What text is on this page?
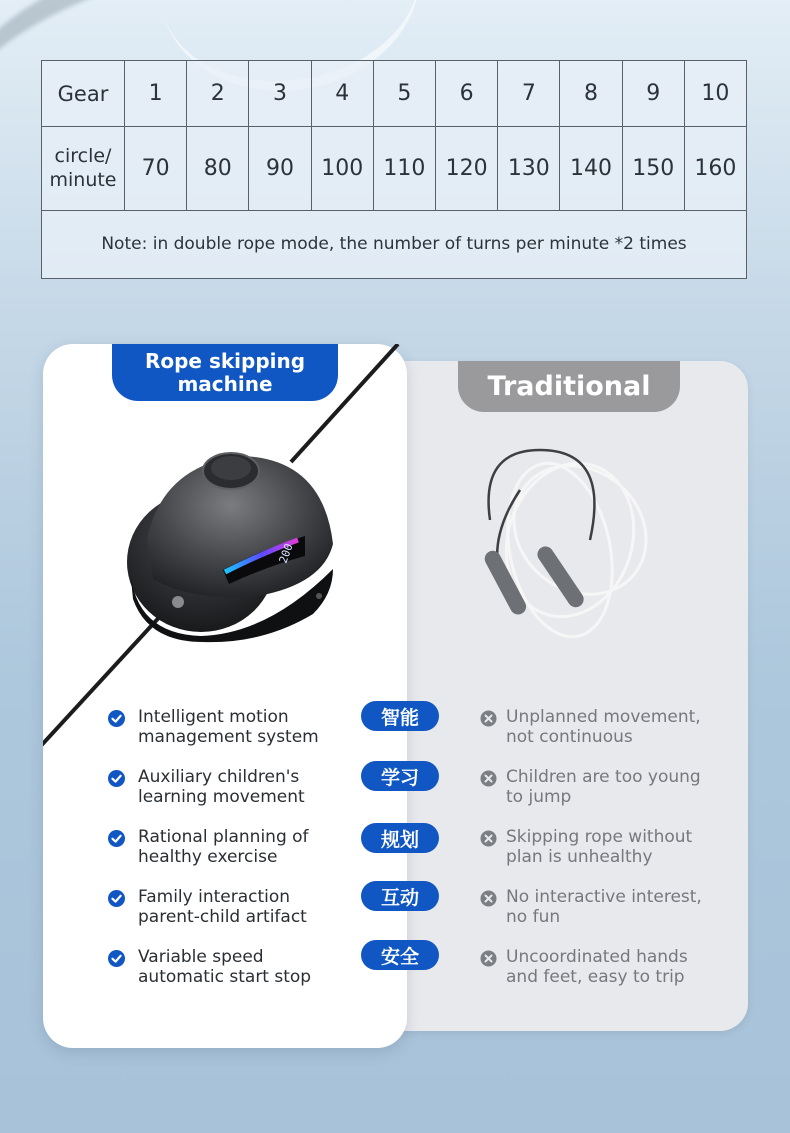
Gear	1	2	3	4	5	6	7	8	9	10
circle/
minute	70	80	90	100 110 120 130 140 150 160
Note: in double rope mode, the number of turns per minute *2 times
Rope skipping
machine	Traditional
200
Intelligent motion
management system
Auxiliary children's
learning movement
Rational planning of
healthy exercise
Family interaction
parent-child artifact
Variable speed
automatic start stop
智能
学习
规划
互动
安全
Unplanned movement,
not continuous
Children are too young
to jump
Skipping rope without
plan is unhealthy
No interactive interest,
no fun
Uncoordinated hands
and feet, easy to trip
